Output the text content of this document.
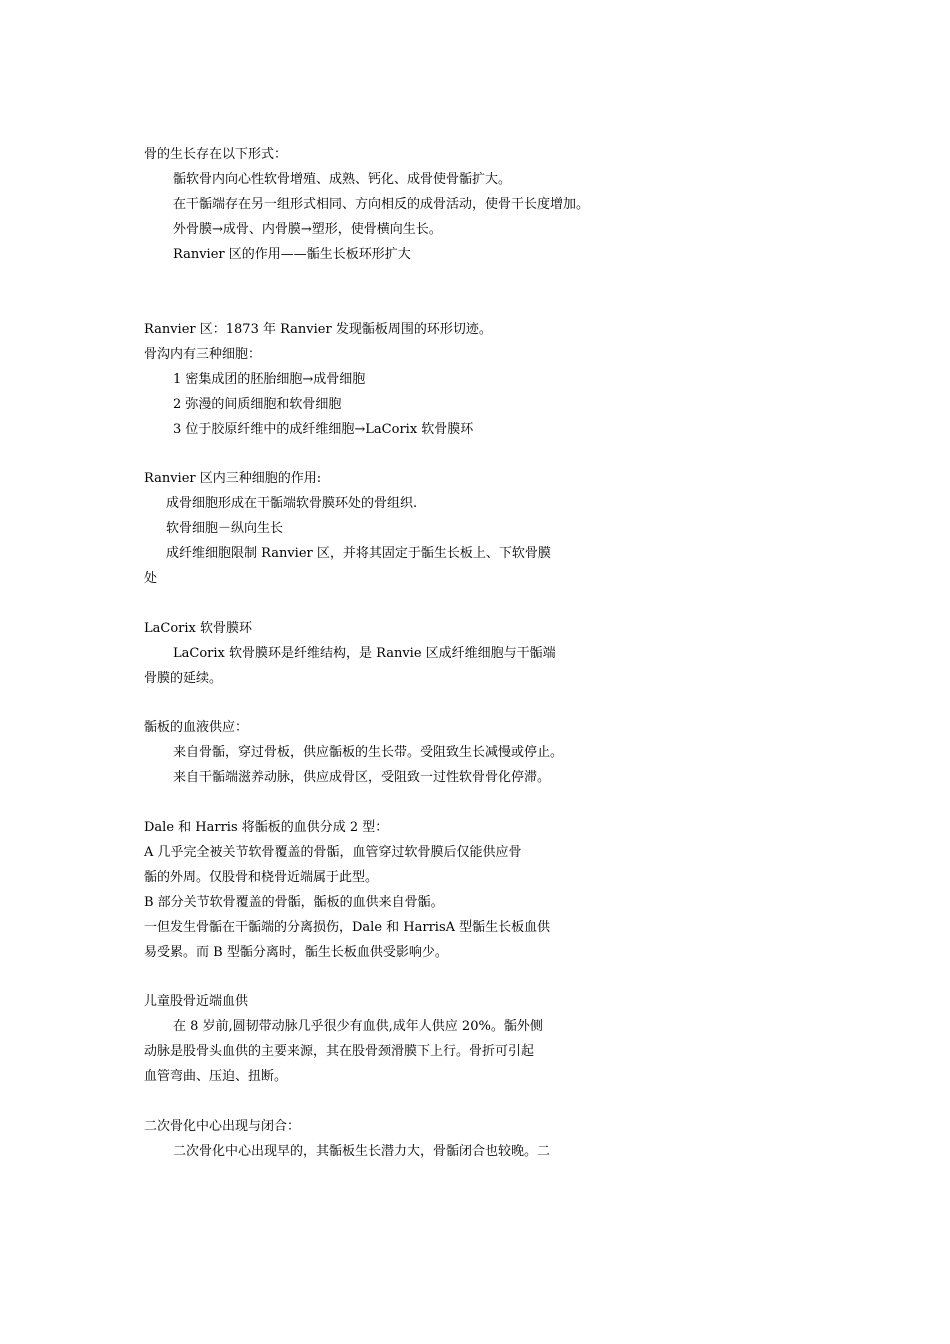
骨的生长存在以下形式：
骺软骨内向心性软骨增殖、成熟、钙化、成骨使骨骺扩大。
在干骺端存在另一组形式相同、方向相反的成骨活动，使骨干长度增加。
外骨膜→成骨、内骨膜→塑形，使骨横向生长。
Ranvier 区的作用——骺生长板环形扩大
Ranvier 区：1873 年 Ranvier 发现骺板周围的环形切迹。
骨沟内有三种细胞：
1 密集成团的胚胎细胞→成骨细胞
2 弥漫的间质细胞和软骨细胞
3 位于胶原纤维中的成纤维细胞→LaCorix 软骨膜环
Ranvier 区内三种细胞的作用:
成骨细胞形成在干骺端软骨膜环处的骨组织.
软骨细胞－纵向生长
成纤维细胞限制 Ranvier 区，并将其固定于骺生长板上、下软骨膜
处
LaCorix 软骨膜环
LaCorix 软骨膜环是纤维结构，是 Ranvie 区成纤维细胞与干骺端
骨膜的延续。
骺板的血液供应：
来自骨骺，穿过骨板，供应骺板的生长带。受阻致生长减慢或停止。
来自干骺端滋养动脉，供应成骨区，受阻致一过性软骨骨化停滞。
Dale 和 Harris 将骺板的血供分成 2 型：
A 几乎完全被关节软骨覆盖的骨骺，血管穿过软骨膜后仅能供应骨
骺的外周。仅股骨和桡骨近端属于此型。
B 部分关节软骨覆盖的骨骺，骺板的血供来自骨骺。
一但发生骨骺在干骺端的分离损伤，Dale 和 HarrisA 型骺生长板血供
易受累。而 B 型骺分离时，骺生长板血供受影响少。
儿童股骨近端血供
在 8 岁前,圆韧带动脉几乎很少有血供,成年人供应 20%。骺外侧
动脉是股骨头血供的主要来源，其在股骨颈滑膜下上行。骨折可引起
血管弯曲、压迫、扭断。
二次骨化中心出现与闭合：
二次骨化中心出现早的，其骺板生长潜力大，骨骺闭合也较晚。二
